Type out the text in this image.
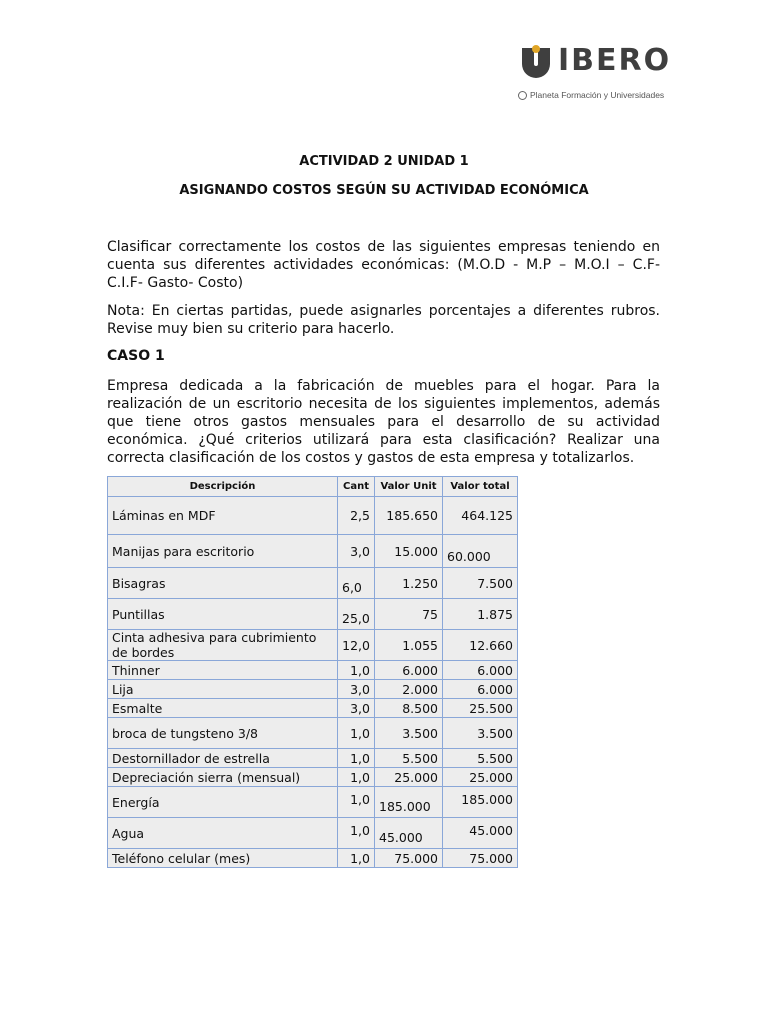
IBERO
Planeta Formación y Universidades
ACTIVIDAD 2 UNIDAD 1
ASIGNANDO COSTOS SEGÚN SU ACTIVIDAD ECONÓMICA
Clasificar correctamente los costos de las siguientes empresas teniendo en cuenta sus diferentes actividades económicas: (M.O.D - M.P – M.O.I – C.F- C.I.F- Gasto- Costo)
Nota: En ciertas partidas, puede asignarles porcentajes a diferentes rubros. Revise muy bien su criterio para hacerlo.
CASO 1
Empresa dedicada a la fabricación de muebles para el hogar. Para la realización de un escritorio necesita de los siguientes implementos, además que tiene otros gastos mensuales para el desarrollo de su actividad económica. ¿Qué criterios utilizará para esta clasificación? Realizar una correcta clasificación de los costos y gastos de esta empresa y totalizarlos.
Descripción	Cant	Valor Unit	Valor total
Láminas en MDF	2,5	185.650	464.125
Manijas para escritorio	3,0	15.000	60.000
Bisagras	6,0	1.250	7.500
Puntillas	25,0	75	1.875
Cinta adhesiva para cubrimiento de bordes	12,0	1.055	12.660
Thinner	1,0	6.000	6.000
Lija	3,0	2.000	6.000
Esmalte	3,0	8.500	25.500
broca de tungsteno 3/8	1,0	3.500	3.500
Destornillador de estrella	1,0	5.500	5.500
Depreciación sierra (mensual)	1,0	25.000	25.000
Energía	1,0	185.000	185.000
Agua	1,0	45.000	45.000
Teléfono celular (mes)	1,0	75.000	75.000
